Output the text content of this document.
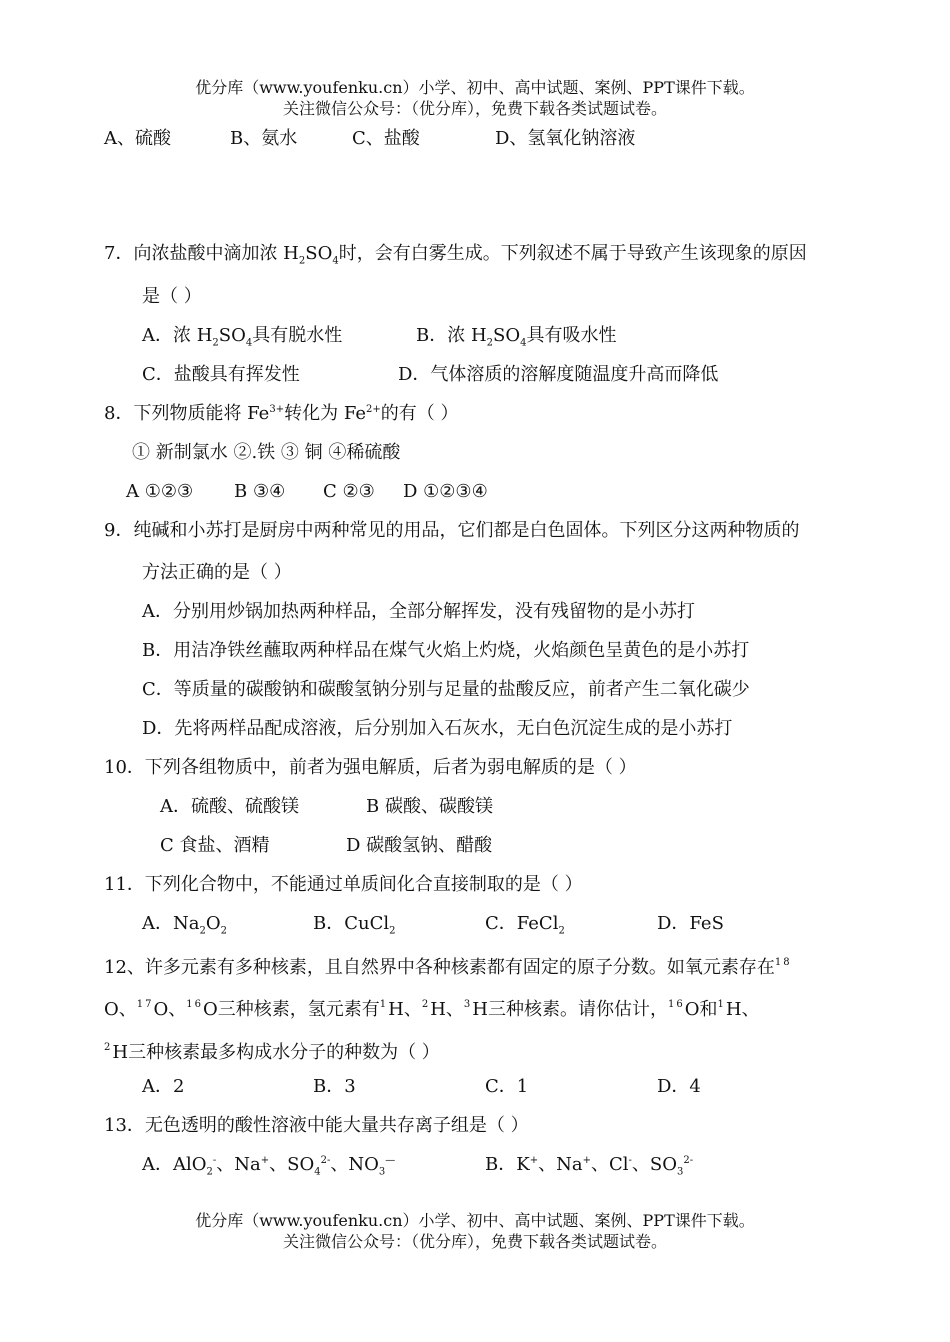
优分库（www.youfenku.cn）小学、初中、高中试题、案例、PPT课件下载。
关注微信公众号：（优分库），免费下载各类试题试卷。
A、硫酸	B、氨水	C、盐酸	D、氢氧化钠溶液
7．向浓盐酸中滴加浓 $H_2SO_4$时，会有白雾生成。下列叙述不属于导致产生该现象的原因
是（ ）
A．浓 $H_2SO_4$具有脱水性	B．浓 $H_2SO_4$具有吸水性
C．盐酸具有挥发性	D．气体溶质的溶解度随温度升高而降低
8．下列物质能将 $Fe^{3+}$转化为 $Fe^{2+}$的有（ ）
① 新制氯水 ②.铁 ③ 铜 ④稀硫酸
A ①②③ B ③④ C ②③ D ①②③④
9．纯碱和小苏打是厨房中两种常见的用品，它们都是白色固体。下列区分这两种物质的
方法正确的是（ ）
A．分别用炒锅加热两种样品，全部分解挥发，没有残留物的是小苏打
B．用洁净铁丝蘸取两种样品在煤气火焰上灼烧，火焰颜色呈黄色的是小苏打
C．等质量的碳酸钠和碳酸氢钠分别与足量的盐酸反应，前者产生二氧化碳少
D．先将两样品配成溶液，后分别加入石灰水，无白色沉淀生成的是小苏打
10．下列各组物质中，前者为强电解质，后者为弱电解质的是（ ）
A．硫酸、硫酸镁	B 碳酸、碳酸镁
C 食盐、酒精	D 碳酸氢钠、醋酸
11．下列化合物中，不能通过单质间化合直接制取的是（ ）
A．$Na_2O_2$	B．CuCl$_2$	C．FeCl$_2$	D．FeS
12、许多元素有多种核素，且自然界中各种核素都有固定的原子分数。如氧元素存在$^{18}$
O、$^{17}$O、$^{16}$O三种核素，氢元素有$^1$H、$^2$H、$^3$H三种核素。请你估计，$^{16}$O和$^1$H、
$^2$H三种核素最多构成水分子的种数为（ ）
A．2	B．3	C．1	D．4
13．无色透明的酸性溶液中能大量共存离子组是（ ）
A．AlO$_2$-、Na+、$SO_4^{2-}$、$NO_3^—$	B．K+、Na+、Cl-、$SO_3^{2-}$
优分库（www.youfenku.cn）小学、初中、高中试题、案例、PPT课件下载。
关注微信公众号：（优分库），免费下载各类试题试卷。
